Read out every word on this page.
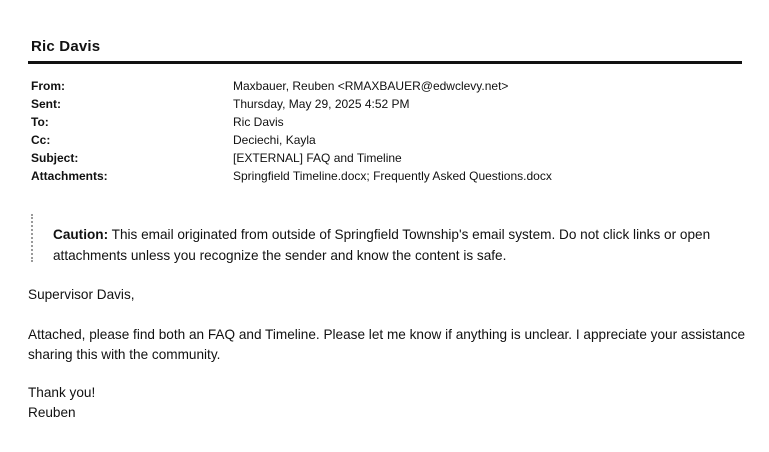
Ric Davis
From:	Maxbauer, Reuben <RMAXBAUER@edwclevy.net>
Sent:	Thursday, May 29, 2025 4:52 PM
To:	Ric Davis
Cc:	Deciechi, Kayla
Subject:	[EXTERNAL] FAQ and Timeline
Attachments:	Springfield Timeline.docx; Frequently Asked Questions.docx
Caution: This email originated from outside of Springfield Township's email system. Do not click links or open attachments unless you recognize the sender and know the content is safe.

Supervisor Davis,

Attached, please find both an FAQ and Timeline. Please let me know if anything is unclear. I appreciate your assistance sharing this with the community.

Thank you!

Reuben
